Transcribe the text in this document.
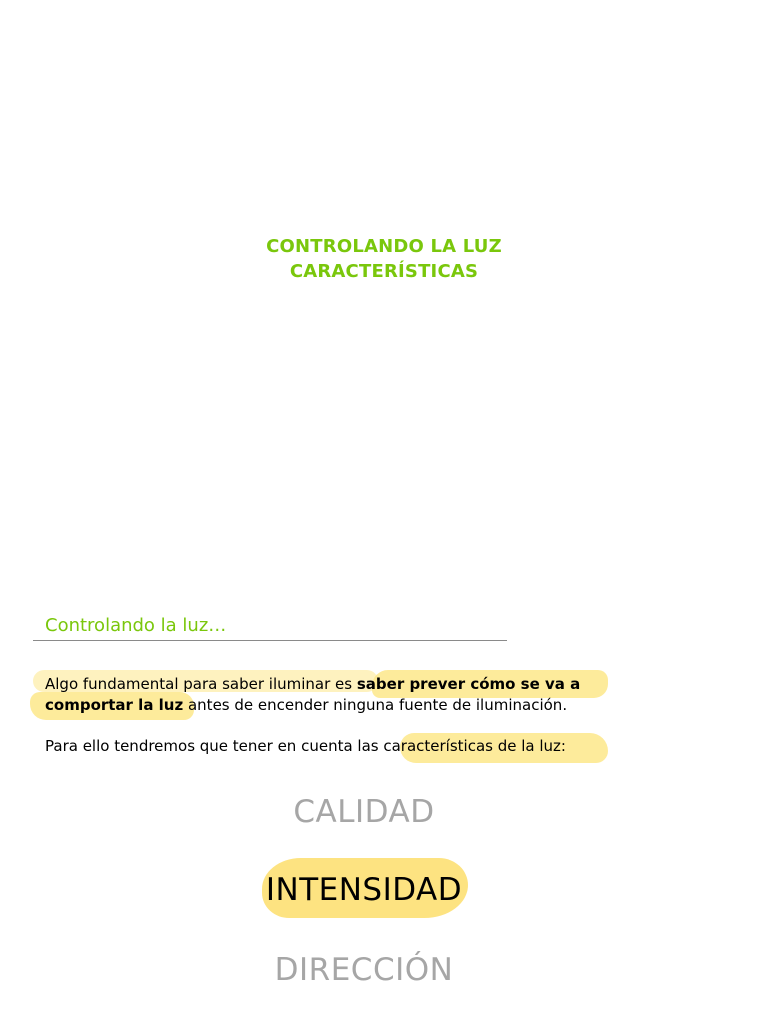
CONTROLANDO LA LUZ
CARACTERÍSTICAS
Controlando la luz…

Algo fundamental para saber iluminar es saber prever cómo se va a
comportar la luz antes de encender ninguna fuente de iluminación.

Para ello tendremos que tener en cuenta las características de la luz:

CALIDAD
INTENSIDAD
DIRECCIÓN
